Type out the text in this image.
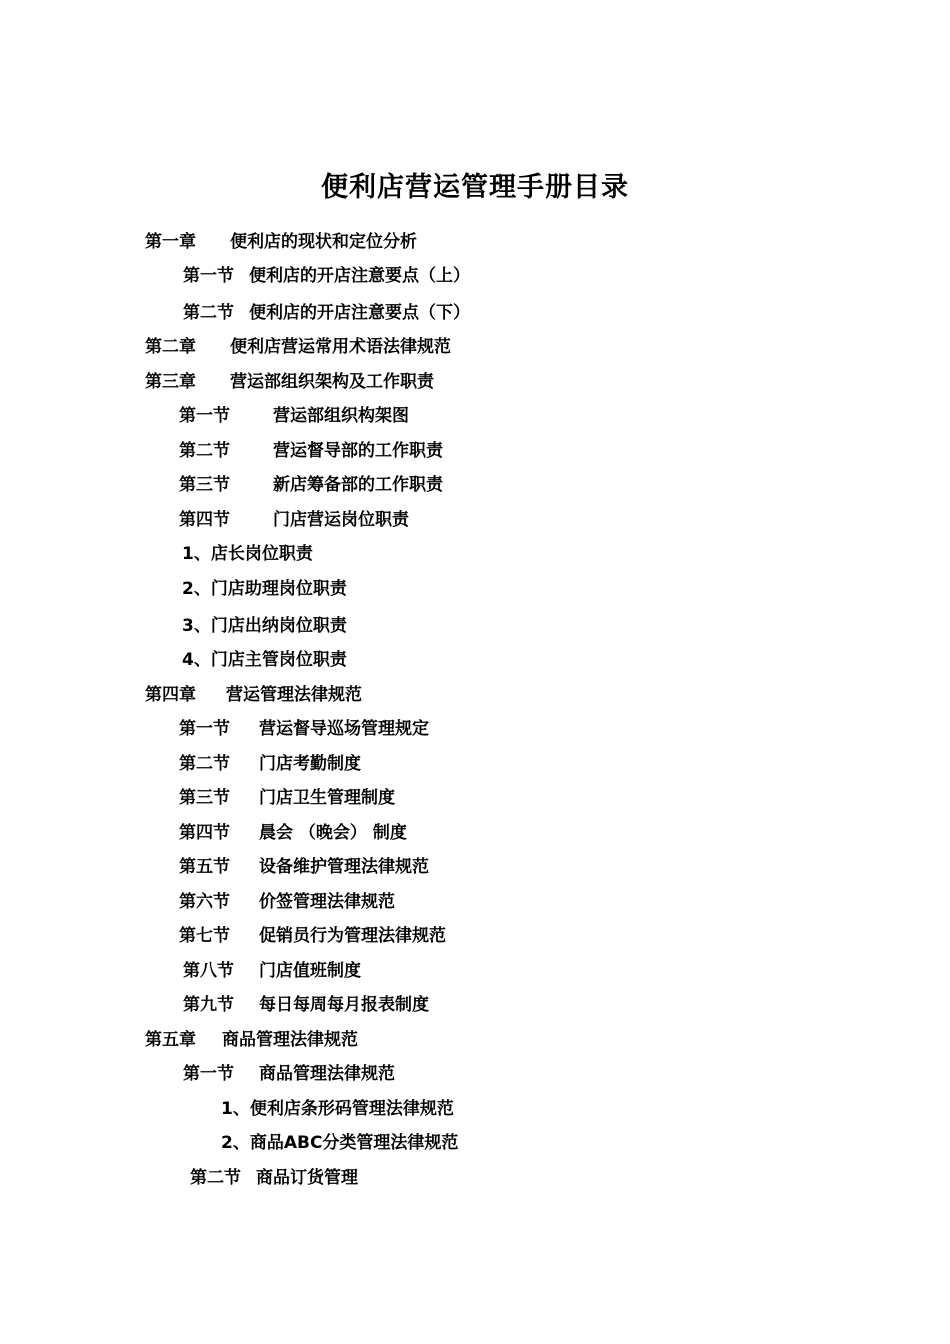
便利店营运管理手册目录
第一章 便利店的现状和定位分析
第一节 便利店的开店注意要点（上）
第二节 便利店的开店注意要点（下）
第二章 便利店营运常用术语法律规范
第三章 营运部组织架构及工作职责
第一节	营运部组织构架图
第二节	营运督导部的工作职责
第三节	新店筹备部的工作职责
第四节	门店营运岗位职责
1、店长岗位职责
2、门店助理岗位职责
3、门店出纳岗位职责
4、门店主管岗位职责
第四章 营运管理法律规范
第一节 营运督导巡场管理规定
第二节 门店考勤制度
第三节 门店卫生管理制度
第四节 晨会 （晚会） 制度
第五节 设备维护管理法律规范
第六节 价签管理法律规范
第七节 促销员行为管理法律规范
第八节 门店值班制度
第九节 每日每周每月报表制度
第五章 商品管理法律规范
第一节 商品管理法律规范
1、便利店条形码管理法律规范
2、商品ABC分类管理法律规范
第二节 商品订货管理
